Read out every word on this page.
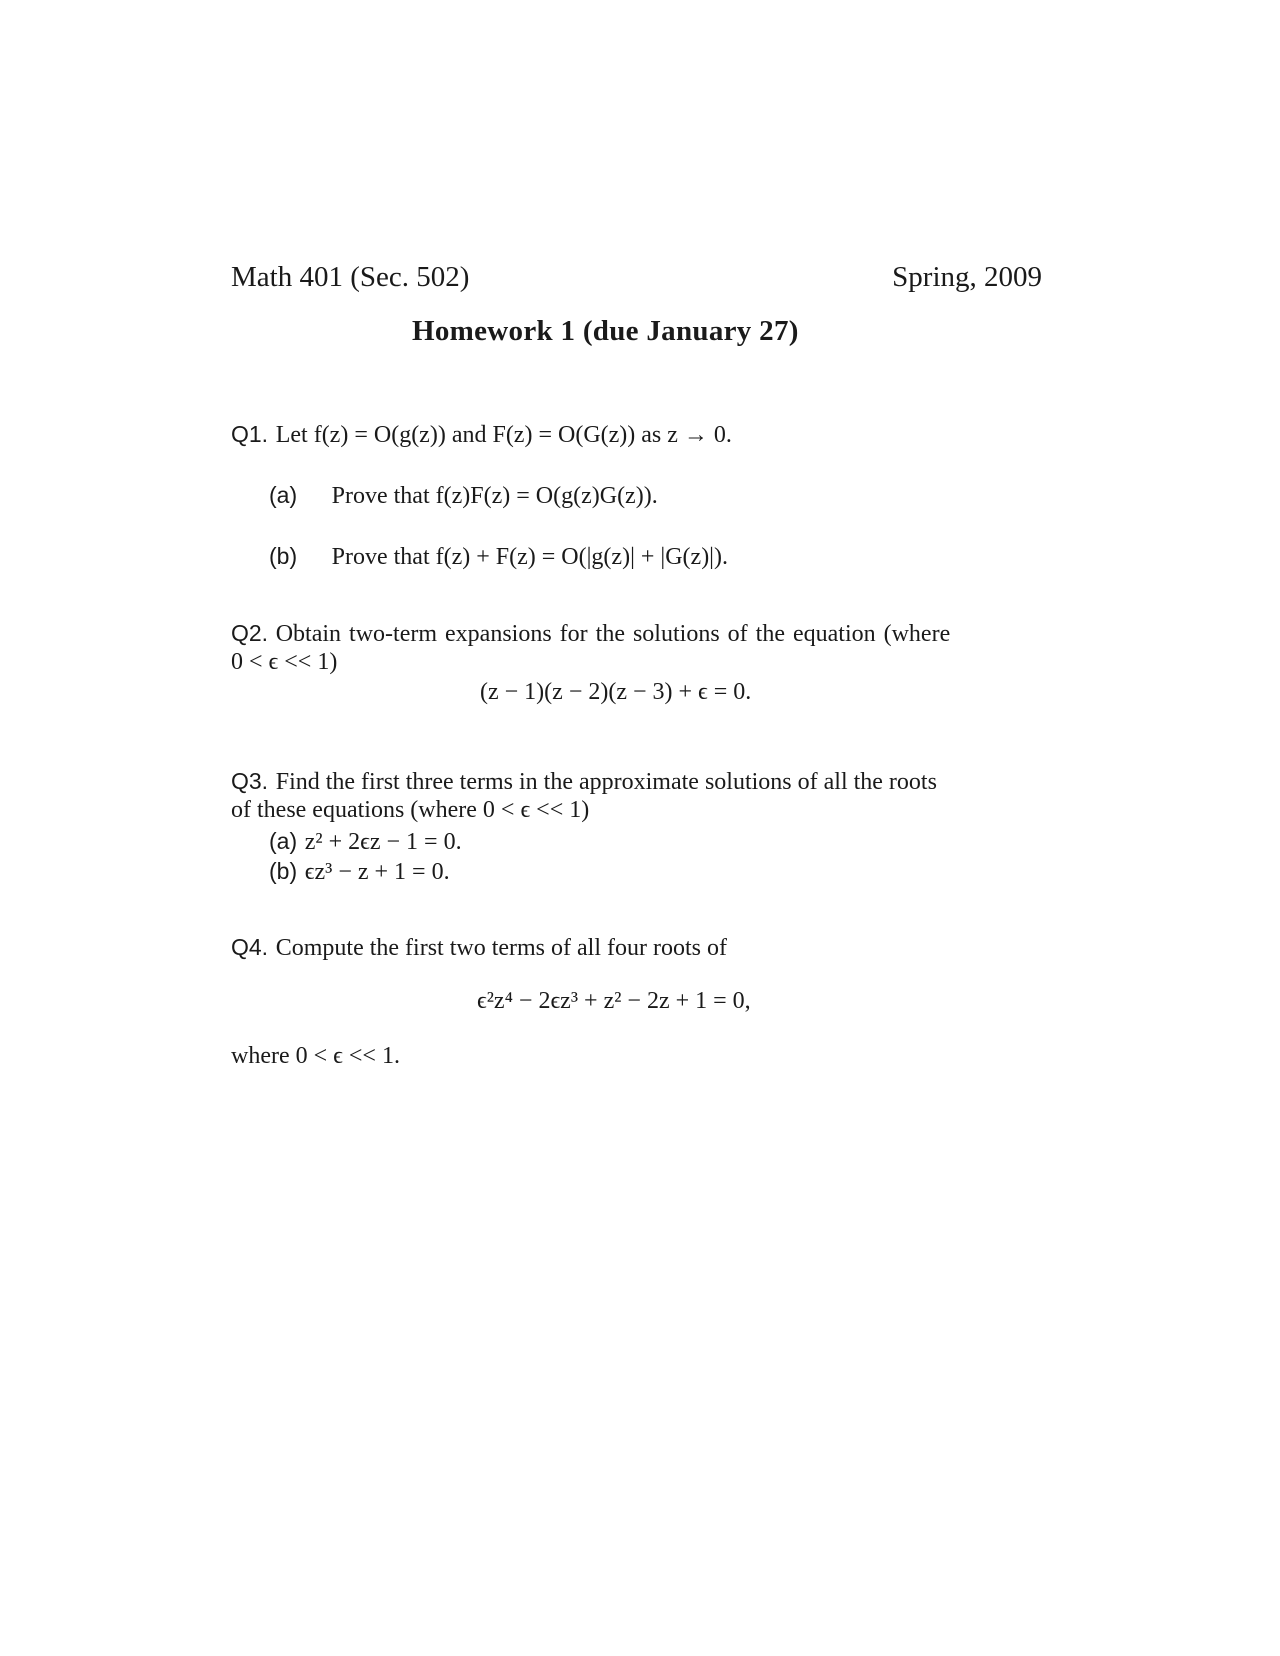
Math 401 (Sec. 502)	Spring, 2009
Homework 1 (due January 27)
Q1. Let f(z) = O(g(z)) and F(z) = O(G(z)) as z → 0.
(a) Prove that f(z)F(z) = O(g(z)G(z)).
(b) Prove that f(z) + F(z) = O(|g(z)| + |G(z)|).
Q2. Obtain two-term expansions for the solutions of the equation (where
0 < ϵ << 1)
(z − 1)(z − 2)(z − 3) + ϵ = 0.
Q3. Find the first three terms in the approximate solutions of all the roots
of these equations (where 0 < ϵ << 1)
(a) z² + 2ϵz − 1 = 0.
(b) ϵz³ − z + 1 = 0.
Q4. Compute the first two terms of all four roots of
ϵ²z⁴ − 2ϵz³ + z² − 2z + 1 = 0,
where 0 < ϵ << 1.
